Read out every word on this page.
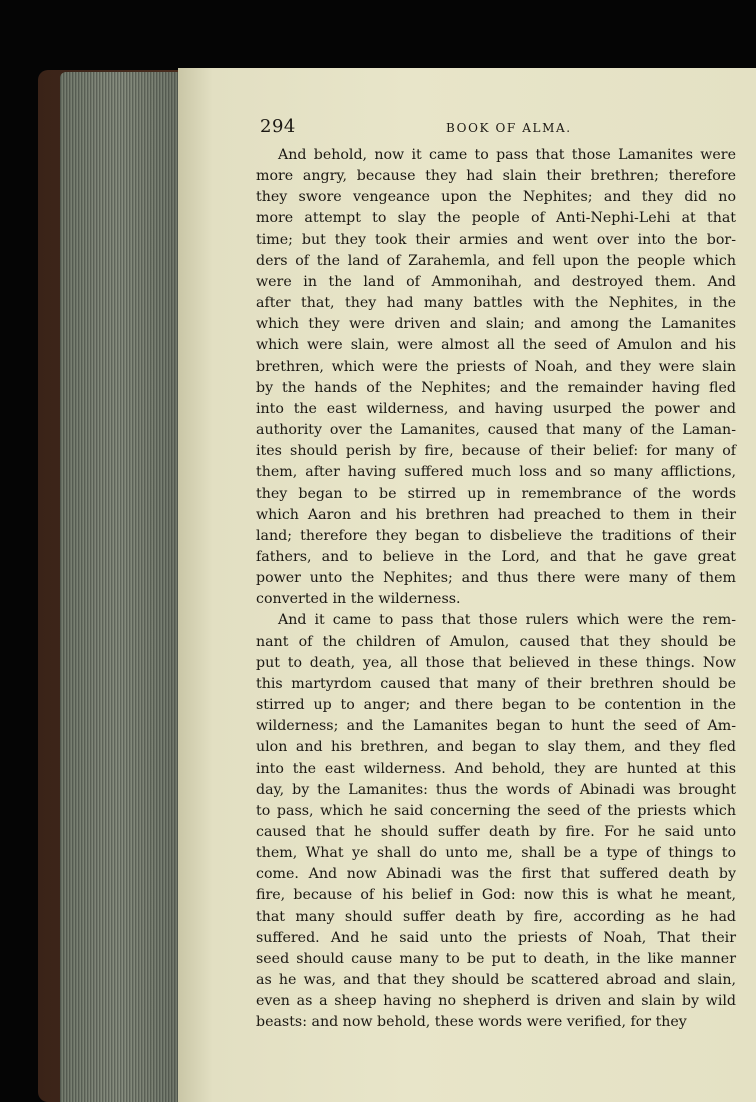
294	BOOK OF ALMA.
And behold, now it came to pass that those Lamanites were
more angry, because they had slain their brethren; therefore
they swore vengeance upon the Nephites; and they did no
more attempt to slay the people of Anti-Nephi-Lehi at that
time; but they took their armies and went over into the bor-
ders of the land of Zarahemla, and fell upon the people which
were in the land of Ammonihah, and destroyed them. And
after that, they had many battles with the Nephites, in the
which they were driven and slain; and among the Lamanites
which were slain, were almost all the seed of Amulon and his
brethren, which were the priests of Noah, and they were slain
by the hands of the Nephites; and the remainder having fled
into the east wilderness, and having usurped the power and
authority over the Lamanites, caused that many of the Laman-
ites should perish by fire, because of their belief: for many of
them, after having suffered much loss and so many afflictions,
they began to be stirred up in remembrance of the words
which Aaron and his brethren had preached to them in their
land; therefore they began to disbelieve the traditions of their
fathers, and to believe in the Lord, and that he gave great
power unto the Nephites; and thus there were many of them
converted in the wilderness.
And it came to pass that those rulers which were the rem-
nant of the children of Amulon, caused that they should be
put to death, yea, all those that believed in these things. Now
this martyrdom caused that many of their brethren should be
stirred up to anger; and there began to be contention in the
wilderness; and the Lamanites began to hunt the seed of Am-
ulon and his brethren, and began to slay them, and they fled
into the east wilderness. And behold, they are hunted at this
day, by the Lamanites: thus the words of Abinadi was brought
to pass, which he said concerning the seed of the priests which
caused that he should suffer death by fire. For he said unto
them, What ye shall do unto me, shall be a type of things to
come. And now Abinadi was the first that suffered death by
fire, because of his belief in God: now this is what he meant,
that many should suffer death by fire, according as he had
suffered. And he said unto the priests of Noah, That their
seed should cause many to be put to death, in the like manner
as he was, and that they should be scattered abroad and slain,
even as a sheep having no shepherd is driven and slain by wild
beasts: and now behold, these words were verified, for they
